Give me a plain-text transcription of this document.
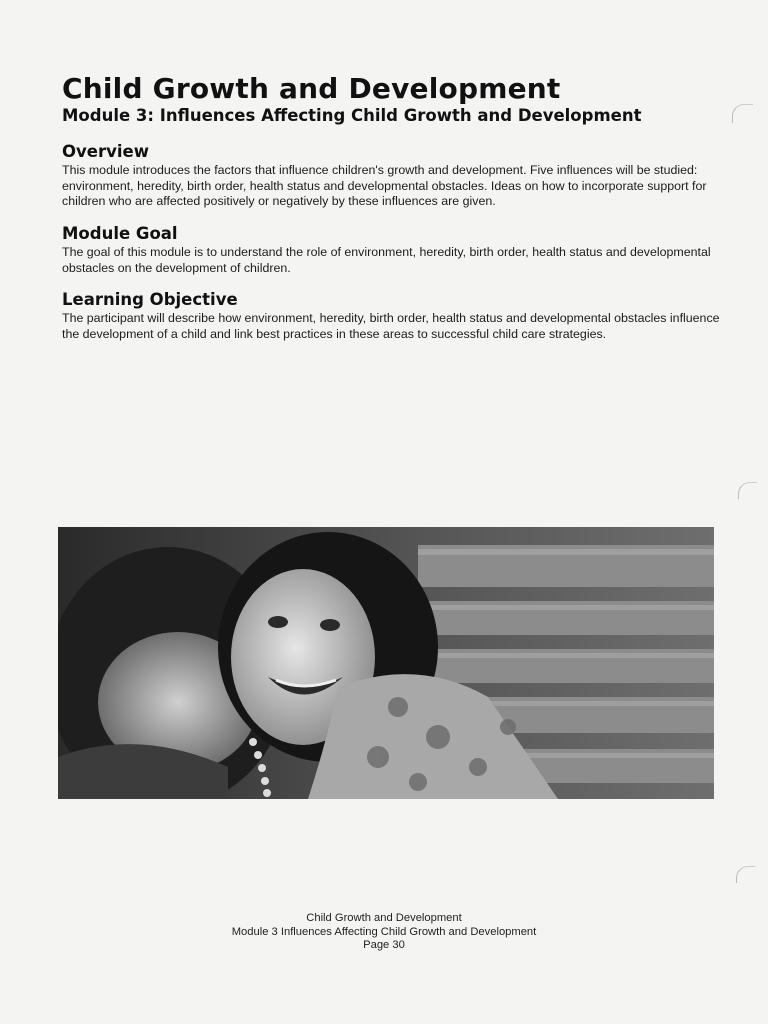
Child Growth and Development
Module 3: Influences Affecting Child Growth and Development
Overview

This module introduces the factors that influence children's growth and development. Five influences will be studied: environment, heredity, birth order, health status and developmental obstacles. Ideas on how to incorporate support for children who are affected positively or negatively by these influences are given.

Module Goal

The goal of this module is to understand the role of environment, heredity, birth order, health status and developmental obstacles on the development of children.

Learning Objective

The participant will describe how environment, heredity, birth order, health status and developmental obstacles influence the development of a child and link best practices in these areas to successful child care strategies.

Child Growth and Development
Module 3 Influences Affecting Child Growth and Development
Page 30
